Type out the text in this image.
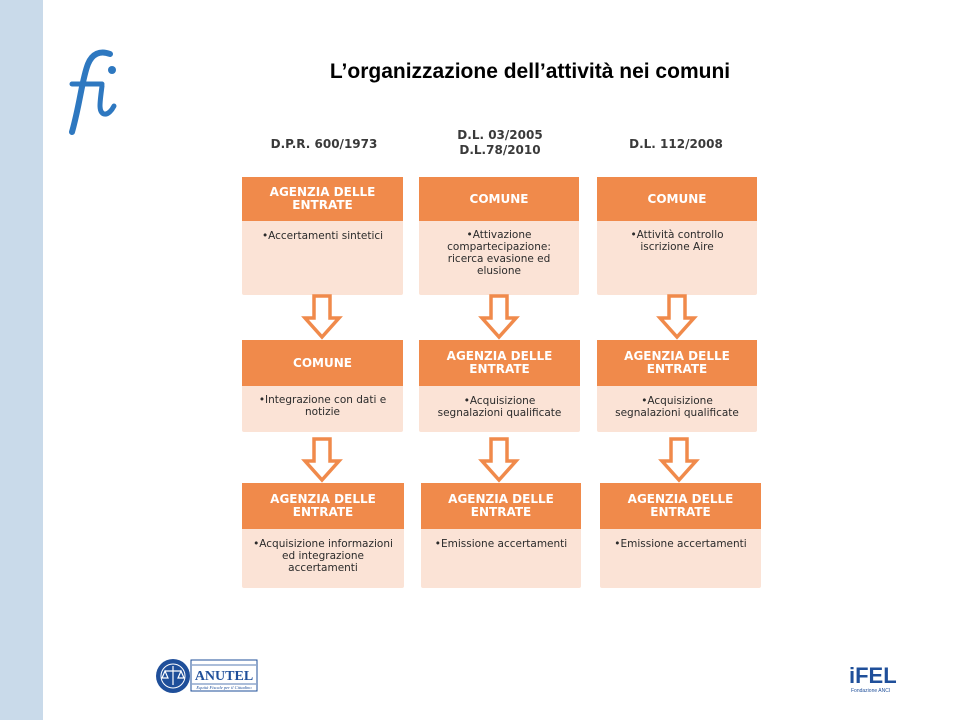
L’organizzazione dell’attività nei comuni
D.P.R. 600/1973
D.L. 03/2005
D.L.78/2010	D.L. 112/2008
AGENZIA DELLE
ENTRATE
•Accertamenti sintetici
COMUNE
•Integrazione con dati e
notizie
AGENZIA DELLE
ENTRATE
•Acquisizione informazioni
ed integrazione
accertamenti
COMUNE
•Attivazione
compartecipazione:
ricerca evasione ed
elusione
AGENZIA DELLE
ENTRATE
•Acquisizione
segnalazioni qualificate
AGENZIA DELLE
ENTRATE
•Emissione accertamenti
COMUNE
•Attività controllo
iscrizione Aire
AGENZIA DELLE
ENTRATE
•Acquisizione
segnalazioni qualificate
AGENZIA DELLE
ENTRATE
•Emissione accertamenti
ANUTEL
Equità Fiscale per il Cittadino	iFEL
Fondazione ANCI
